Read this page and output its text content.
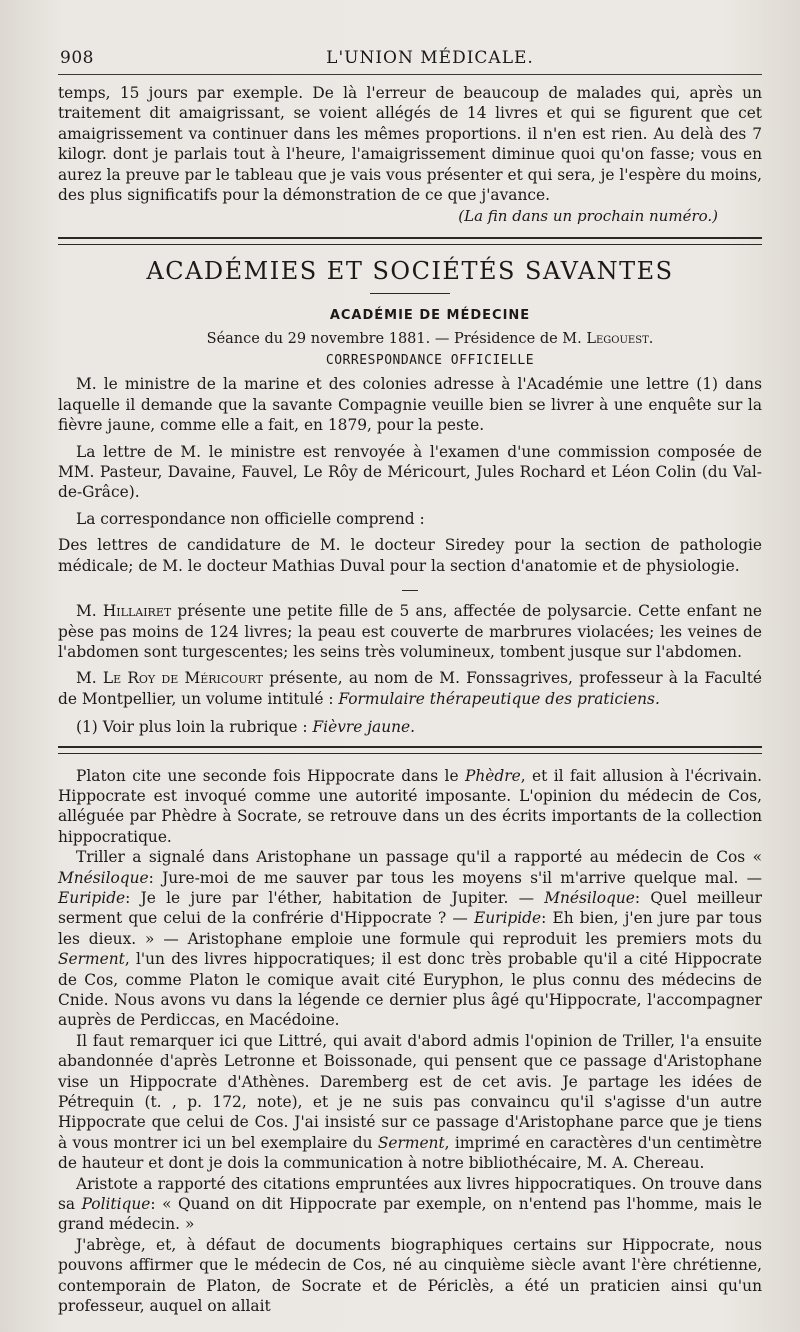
908	L'UNION MÉDICALE.

temps, 15 jours par exemple. De là l'erreur de beaucoup de malades qui, après un traitement dit amaigrissant, se voient allégés de 14 livres et qui se figurent que cet amaigrissement va continuer dans les mêmes proportions. il n'en est rien. Au delà des 7 kilogr. dont je parlais tout à l'heure, l'amaigrissement diminue quoi qu'on fasse; vous en aurez la preuve par le tableau que je vais vous présenter et qui sera, je l'espère du moins, des plus significatifs pour la démonstration de ce que j'avance.

(La fin dans un prochain numéro.)
ACADÉMIES ET SOCIÉTÉS SAVANTES
ACADÉMIE DE MÉDECINE
Séance du 29 novembre 1881. — Présidence de M. Legouest.
CORRESPONDANCE OFFICIELLE

M. le ministre de la marine et des colonies adresse à l'Académie une lettre (1) dans laquelle il demande que la savante Compagnie veuille bien se livrer à une enquête sur la fièvre jaune, comme elle a fait, en 1879, pour la peste.

La lettre de M. le ministre est renvoyée à l'examen d'une commission composée de MM. Pasteur, Davaine, Fauvel, Le Rôy de Méricourt, Jules Rochard et Léon Colin (du Val-de-Grâce).

La correspondance non officielle comprend :

Des lettres de candidature de M. le docteur Siredey pour la section de pathologie médicale; de M. le docteur Mathias Duval pour la section d'anatomie et de physiologie.

M. Hillairet présente une petite fille de 5 ans, affectée de polysarcie. Cette enfant ne pèse pas moins de 124 livres; la peau est couverte de marbrures violacées; les veines de l'abdomen sont turgescentes; les seins très volumineux, tombent jusque sur l'abdomen.

M. Le Roy de Méricourt présente, au nom de M. Fonssagrives, professeur à la Faculté de Montpellier, un volume intitulé : Formulaire thérapeutique des praticiens.

(1) Voir plus loin la rubrique : Fièvre jaune.

Platon cite une seconde fois Hippocrate dans le Phèdre, et il fait allusion à l'écrivain. Hippocrate est invoqué comme une autorité imposante. L'opinion du médecin de Cos, alléguée par Phèdre à Socrate, se retrouve dans un des écrits importants de la collection hippocratique.

Triller a signalé dans Aristophane un passage qu'il a rapporté au médecin de Cos « Mnésiloque: Jure-moi de me sauver par tous les moyens s'il m'arrive quelque mal. — Euripide: Je le jure par l'éther, habitation de Jupiter. — Mnésiloque: Quel meilleur serment que celui de la confrérie d'Hippocrate ? — Euripide: Eh bien, j'en jure par tous les dieux. » — Aristophane emploie une formule qui reproduit les premiers mots du Serment, l'un des livres hippocratiques; il est donc très probable qu'il a cité Hippocrate de Cos, comme Platon le comique avait cité Euryphon, le plus connu des médecins de Cnide. Nous avons vu dans la légende ce dernier plus âgé qu'Hippocrate, l'accompagner auprès de Perdiccas, en Macédoine.

Il faut remarquer ici que Littré, qui avait d'abord admis l'opinion de Triller, l'a ensuite abandonnée d'après Letronne et Boissonade, qui pensent que ce passage d'Aristophane vise un Hippocrate d'Athènes. Daremberg est de cet avis. Je partage les idées de Pétrequin (t. , p. 172, note), et je ne suis pas convaincu qu'il s'agisse d'un autre Hippocrate que celui de Cos. J'ai insisté sur ce passage d'Aristophane parce que je tiens à vous montrer ici un bel exemplaire du Serment, imprimé en caractères d'un centimètre de hauteur et dont je dois la communication à notre bibliothécaire, M. A. Chereau.

Aristote a rapporté des citations empruntées aux livres hippocratiques. On trouve dans sa Politique: « Quand on dit Hippocrate par exemple, on n'entend pas l'homme, mais le grand médecin. »

J'abrège, et, à défaut de documents biographiques certains sur Hippocrate, nous pouvons affirmer que le médecin de Cos, né au cinquième siècle avant l'ère chrétienne, contemporain de Platon, de Socrate et de Périclès, a été un praticien ainsi qu'un professeur, auquel on allait
